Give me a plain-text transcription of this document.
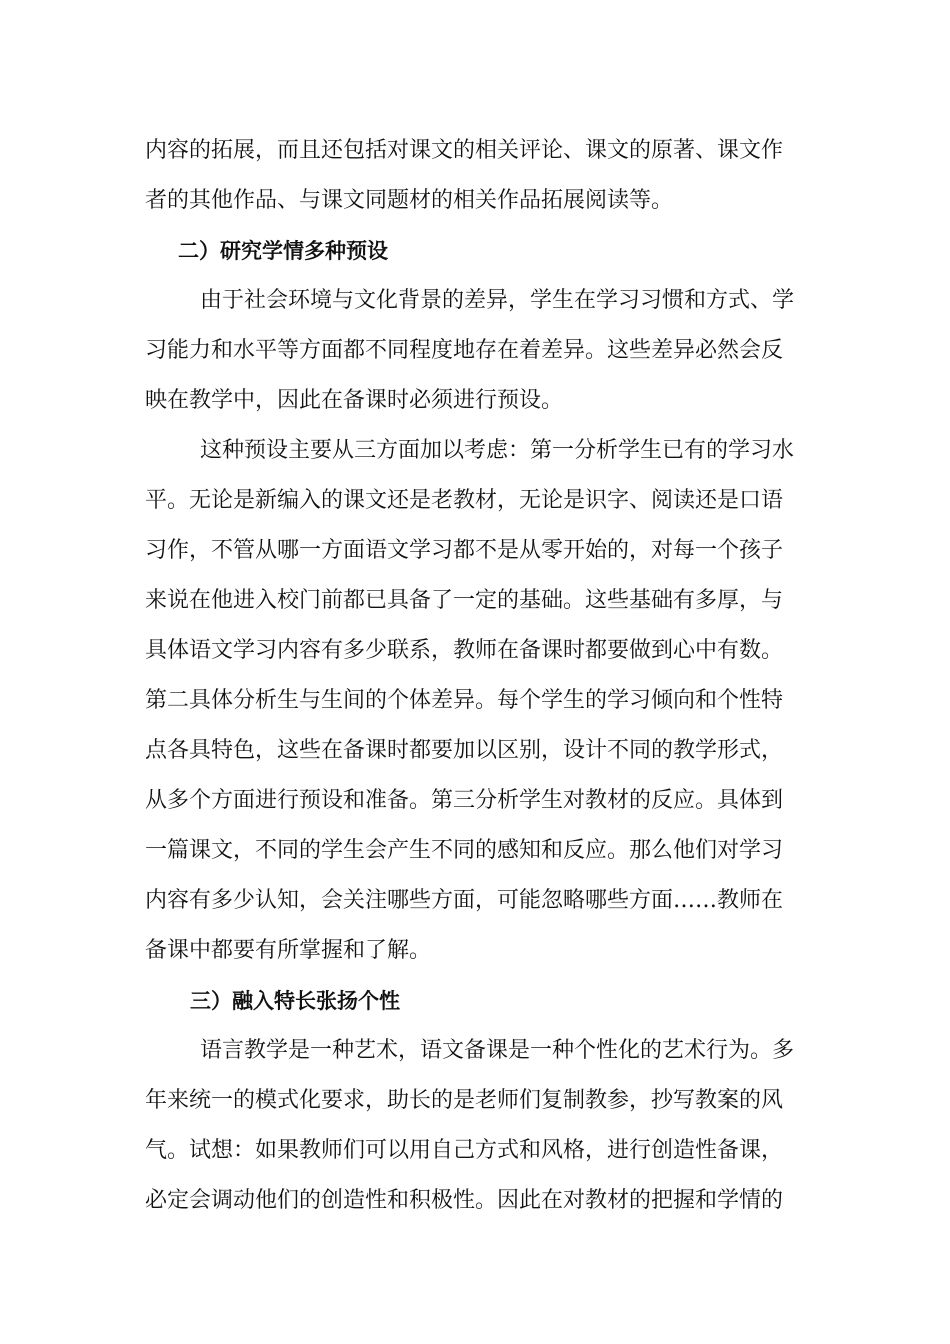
内容的拓展，而且还包括对课文的相关评论、课文的原著、课文作

者的其他作品、与课文同题材的相关作品拓展阅读等。

二）研究学情多种预设

由于社会环境与文化背景的差异，学生在学习习惯和方式、学

习能力和水平等方面都不同程度地存在着差异。这些差异必然会反

映在教学中，因此在备课时必须进行预设。

这种预设主要从三方面加以考虑：第一分析学生已有的学习水

平。无论是新编入的课文还是老教材，无论是识字、阅读还是口语

习作，不管从哪一方面语文学习都不是从零开始的，对每一个孩子

来说在他进入校门前都已具备了一定的基础。这些基础有多厚，与

具体语文学习内容有多少联系，教师在备课时都要做到心中有数。

第二具体分析生与生间的个体差异。每个学生的学习倾向和个性特

点各具特色，这些在备课时都要加以区别，设计不同的教学形式，

从多个方面进行预设和准备。第三分析学生对教材的反应。具体到

一篇课文，不同的学生会产生不同的感知和反应。那么他们对学习

内容有多少认知，会关注哪些方面，可能忽略哪些方面……教师在

备课中都要有所掌握和了解。

三）融入特长张扬个性

语言教学是一种艺术，语文备课是一种个性化的艺术行为。多

年来统一的模式化要求，助长的是老师们复制教参，抄写教案的风

气。试想：如果教师们可以用自己方式和风格，进行创造性备课，

必定会调动他们的创造性和积极性。因此在对教材的把握和学情的
